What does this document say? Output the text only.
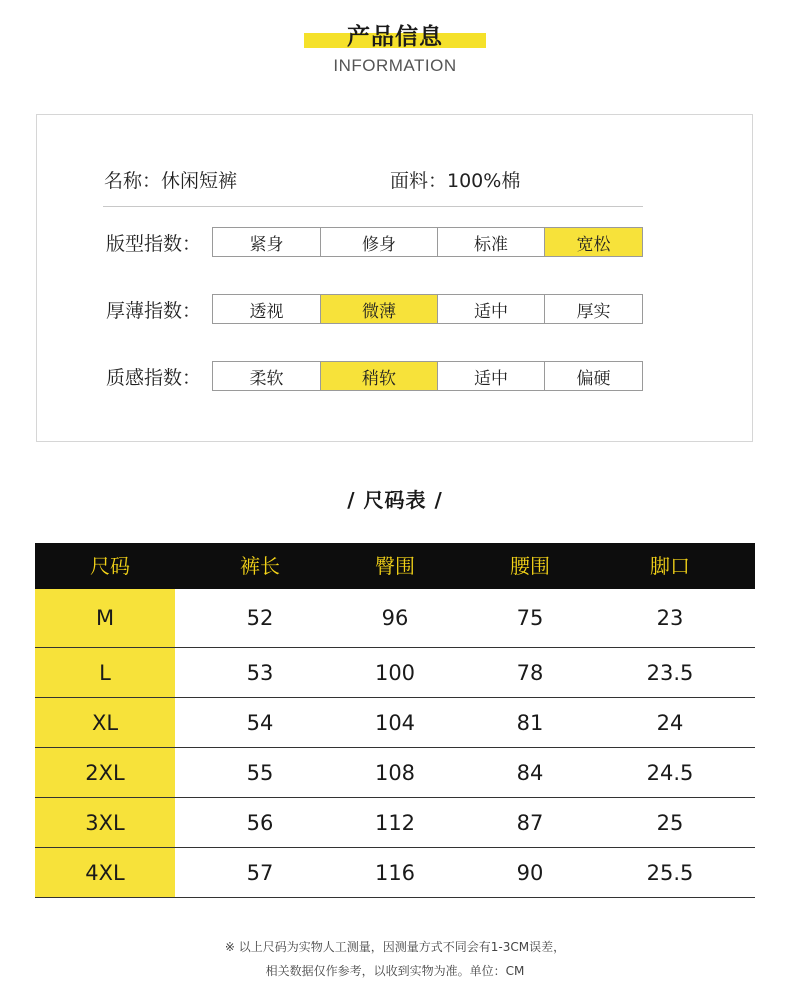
产品信息
INFORMATION
名称：休闲短裤	面料：100%棉
版型指数：	紧身	修身	标准	宽松
厚薄指数：	透视	微薄	适中	厚实
质感指数：	柔软	稍软	适中	偏硬
/ 尺码表 /
尺码	裤长	臀围	腰围	脚口
M	52	96	75	23
L	53	100	78	23.5
XL	54	104	81	24
2XL	55	108	84	24.5
3XL	56	112	87	25
4XL	57	116	90	25.5
※ 以上尺码为实物人工测量，因测量方式不同会有1-3CM误差，
相关数据仅作参考，以收到实物为准。单位：CM
